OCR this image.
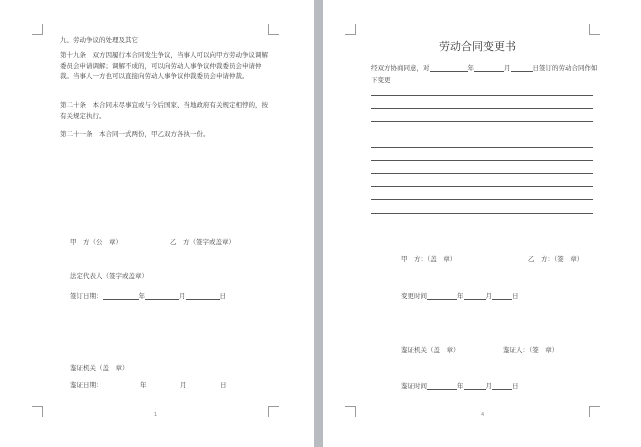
九、劳动争议的处理及其它
第十九条　双方因履行本合同发生争议，当事人可以向甲方劳动争议调解委员会申请调解；调解不成的，可以向劳动人事争议仲裁委员会申请仲裁。当事人一方也可以直接向劳动人事争议仲裁委员会申请仲裁。
第二十条　本合同未尽事宜或与今后国家、当地政府有关规定相悖的，按有关规定执行。
第二十一条　本合同一式两份，甲乙双方各执一份。
甲　方（公　章）	乙　方（签字或盖章）
法定代表人（签字或盖章）
签订日期：	年	月	日
鉴证机关（盖　章）
鉴证日期：	年	月	日
1
劳动合同变更书
经双方协商同意，对	年	月	日签订的劳动合同作如
下变更
甲　方：（盖　章）	乙　方：（签　章）
变更时间	年	月	日
鉴证机关（盖　章）	鉴证人：（签　章）
鉴证时间	年	月	日
4
